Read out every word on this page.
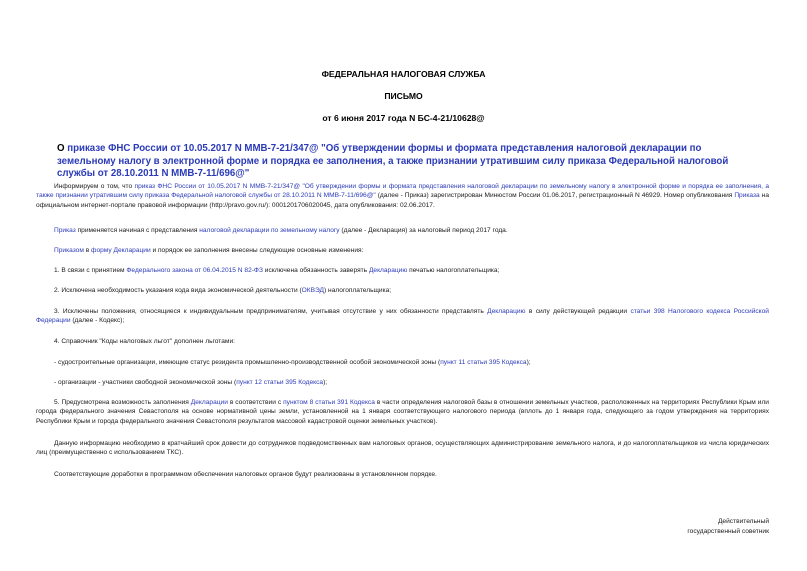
ФЕДЕРАЛЬНАЯ НАЛОГОВАЯ СЛУЖБА
ПИСЬМО
от 6 июня 2017 года N БС-4-21/10628@
О приказе ФНС России от 10.05.2017 N ММВ-7-21/347@ "Об утверждении формы и формата представления налоговой декларации по земельному налогу в электронной форме и порядка ее заполнения, а также признании утратившим силу приказа Федеральной налоговой службы от 28.10.2011 N ММВ-7-11/696@"
Информируем о том, что приказ ФНС России от 10.05.2017 N ММВ-7-21/347@ "Об утверждении формы и формата представления налоговой декларации по земельному налогу в электронной форме и порядка ее заполнения, а также признании утратившим силу приказа Федеральной налоговой службы от 28.10.2011 N ММВ-7-11/696@" (далее - Приказ) зарегистрирован Минюстом России 01.06.2017, регистрационный N 46929. Номер опубликования Приказа на официальном интернет-портале правовой информации (http://pravo.gov.ru/): 0001201706020045, дата опубликования: 02.06.2017.
Приказ применяется начиная с представления налоговой декларации по земельному налогу (далее - Декларация) за налоговый период 2017 года.
Приказом в форму Декларации и порядок ее заполнения внесены следующие основные изменения:
1. В связи с принятием Федерального закона от 06.04.2015 N 82-ФЗ исключена обязанность заверять Декларацию печатью налогоплательщика;
2. Исключена необходимость указания кода вида экономической деятельности (ОКВЭД) налогоплательщика;
3. Исключены положения, относящиеся к индивидуальным предпринимателям, учитывая отсутствие у них обязанности представлять Декларацию в силу действующей редакции статьи 398 Налогового кодекса Российской Федерации (далее - Кодекс);
4. Справочник "Коды налоговых льгот" дополнен льготами:
- судостроительные организации, имеющие статус резидента промышленно-производственной особой экономической зоны (пункт 11 статьи 395 Кодекса);
- организации - участники свободной экономической зоны (пункт 12 статьи 395 Кодекса);
5. Предусмотрена возможность заполнения Декларации в соответствии с пунктом 8 статьи 391 Кодекса в части определения налоговой базы в отношении земельных участков, расположенных на территориях Республики Крым или города федерального значения Севастополя на основе нормативной цены земли, установленной на 1 января соответствующего налогового периода (вплоть до 1 января года, следующего за годом утверждения на территориях Республики Крым и города федерального значения Севастополя результатов массовой кадастровой оценки земельных участков).
Данную информацию необходимо в кратчайший срок довести до сотрудников подведомственных вам налоговых органов, осуществляющих администрирование земельного налога, и до налогоплательщиков из числа юридических лиц (преимущественно с использованием ТКС).
Соответствующие доработки в программном обеспечении налоговых органов будут реализованы в установленном порядке.
Действительный
государственный советник
